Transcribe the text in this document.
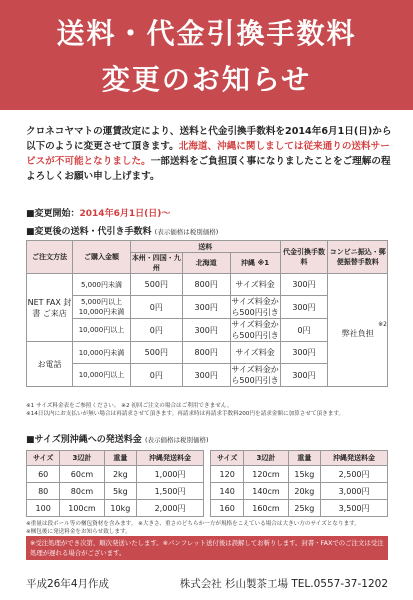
送料・代金引換手数料
変更のお知らせ
クロネコヤマトの運賃改定により、送料と代金引換手数料を2014年6月1日(日)から以下のように変更させて頂きます。北海道、沖縄に関しましては従来通りの送料サービスが不可能となりました。一部送料をご負担頂く事になりましたことをご理解の程よろしくお願い申し上げます。
■変更開始：2014年6月1日(日)〜
■変更後の送料・代引き手数料 (表示価格は税別価格)
ご注文方法	ご購入金額	送料			代金引換手数料	コンビニ振込・郵便振替手数料
		本州・四国・九州	北海道	沖縄 ※1		
NET FAX 封書 ご来店	5,000円未満	500円	800円	サイズ料金	300円	※2
弊社負担

	5,000円以上 10,000円未満	0円	300円	サイズ料金から500円引き	300円	
	10,000円以上	0円	300円	サイズ料金から500円引き	0円	
お電話	10,000円未満	500円	800円	サイズ料金	300円	
	10,000円以上	0円	300円	サイズ料金から500円引き	300円	
※1 サイズ料金表をご参照ください。 ※2 初回ご注文の場合はご利用できません。
※14日以内にお支払いが無い場合は再請求させて頂きます。再請求時は再請求手数料200円を請求金額に加算させて頂きます。
■サイズ別沖縄への発送料金 (表示価格は税別価格)
サイズ	3辺計	重量	沖縄発送料金
60	60cm	2kg	1,000円
80	80cm	5kg	1,500円
100	100cm	10kg	2,000円
サイズ	3辺計	重量	沖縄発送料金
120	120cm	15kg	2,500円
140	140cm	20kg	3,000円
160	160cm	25kg	3,500円
※重量は段ボール等の梱包資材を含みます。 ※大きさ、重さのどちらか一方が規格をこえている場合は大きい方のサイズとなります。
※梱包後に発送料金をお知らせ致します。
※受注処理ができ次第、順次発送いたします。※パンフレット送付後は誤解してお斬りします。封書・FAXでのご注文は受注処理が遅れる場合がございます。
平成26年4月作成	株式会社 杉山製茶工場 TEL.0557-37-1202
